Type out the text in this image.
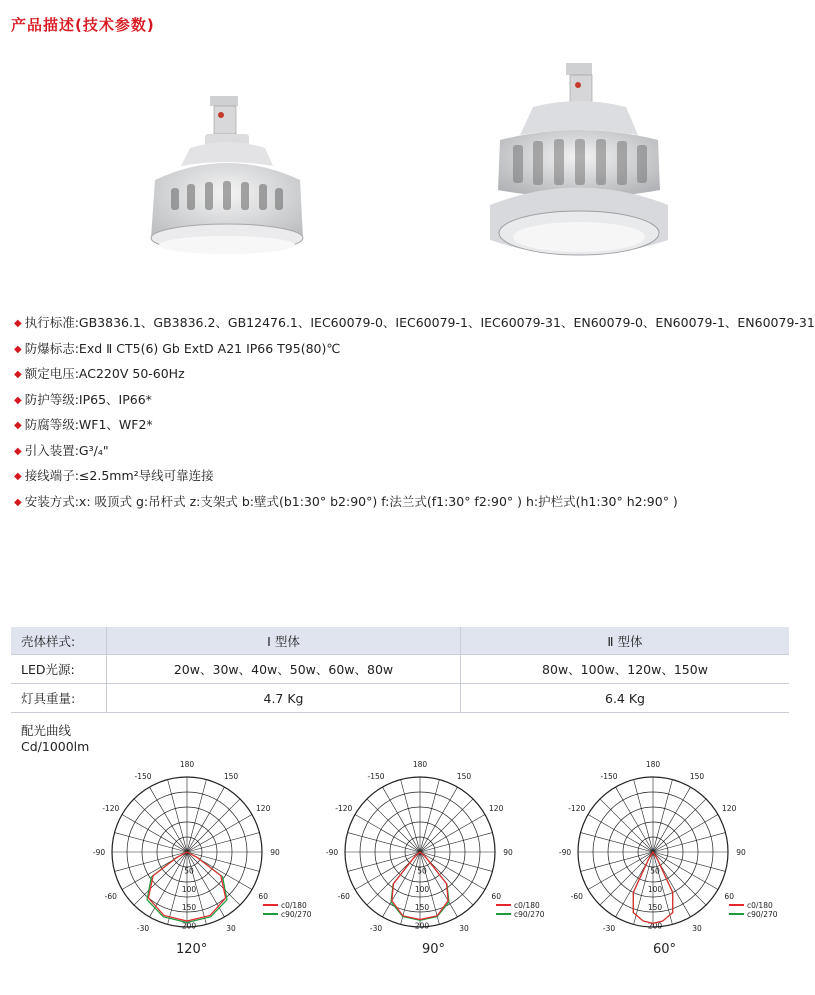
产品描述(技术参数)
◆ 执行标准:GB3836.1、GB3836.2、GB12476.1、IEC60079-0、IEC60079-1、IEC60079-31、EN60079-0、EN60079-1、EN60079-31
◆ 防爆标志:Exd Ⅱ CT5(6) Gb ExtD A21 IP66 T95(80)℃
◆ 额定电压:AC220V 50-60Hz
◆ 防护等级:IP65、IP66*
◆ 防腐等级:WF1、WF2*
◆ 引入装置:G³/₄"
◆ 接线端子:≤2.5mm²导线可靠连接
◆ 安装方式:x: 吸顶式 g:吊杆式 z:支架式 b:壁式(b1:30° b2:90°) f:法兰式(f1:30° f2:90° ) h:护栏式(h1:30° h2:90° )
壳体样式:	Ⅰ 型体	Ⅱ 型体
LED光源:	20w、30w、40w、50w、60w、80w	80w、100w、120w、150w
灯具重量:	4.7 Kg	6.4 Kg
配光曲线
Cd/1000lm
180
150
120
90
60
30
-150
-120
-90
-60
-30
50
100
150
200
c0/180
c90/270
180
150
120
90
60
30
-150
-120
-90
-60
-30
50
100
150
200
c0/180
c90/270
180
150
120
90
60
30
-150
-120
-90
-60
-30
50
100
150
200
c0/180
c90/270
120°	90°	60°
